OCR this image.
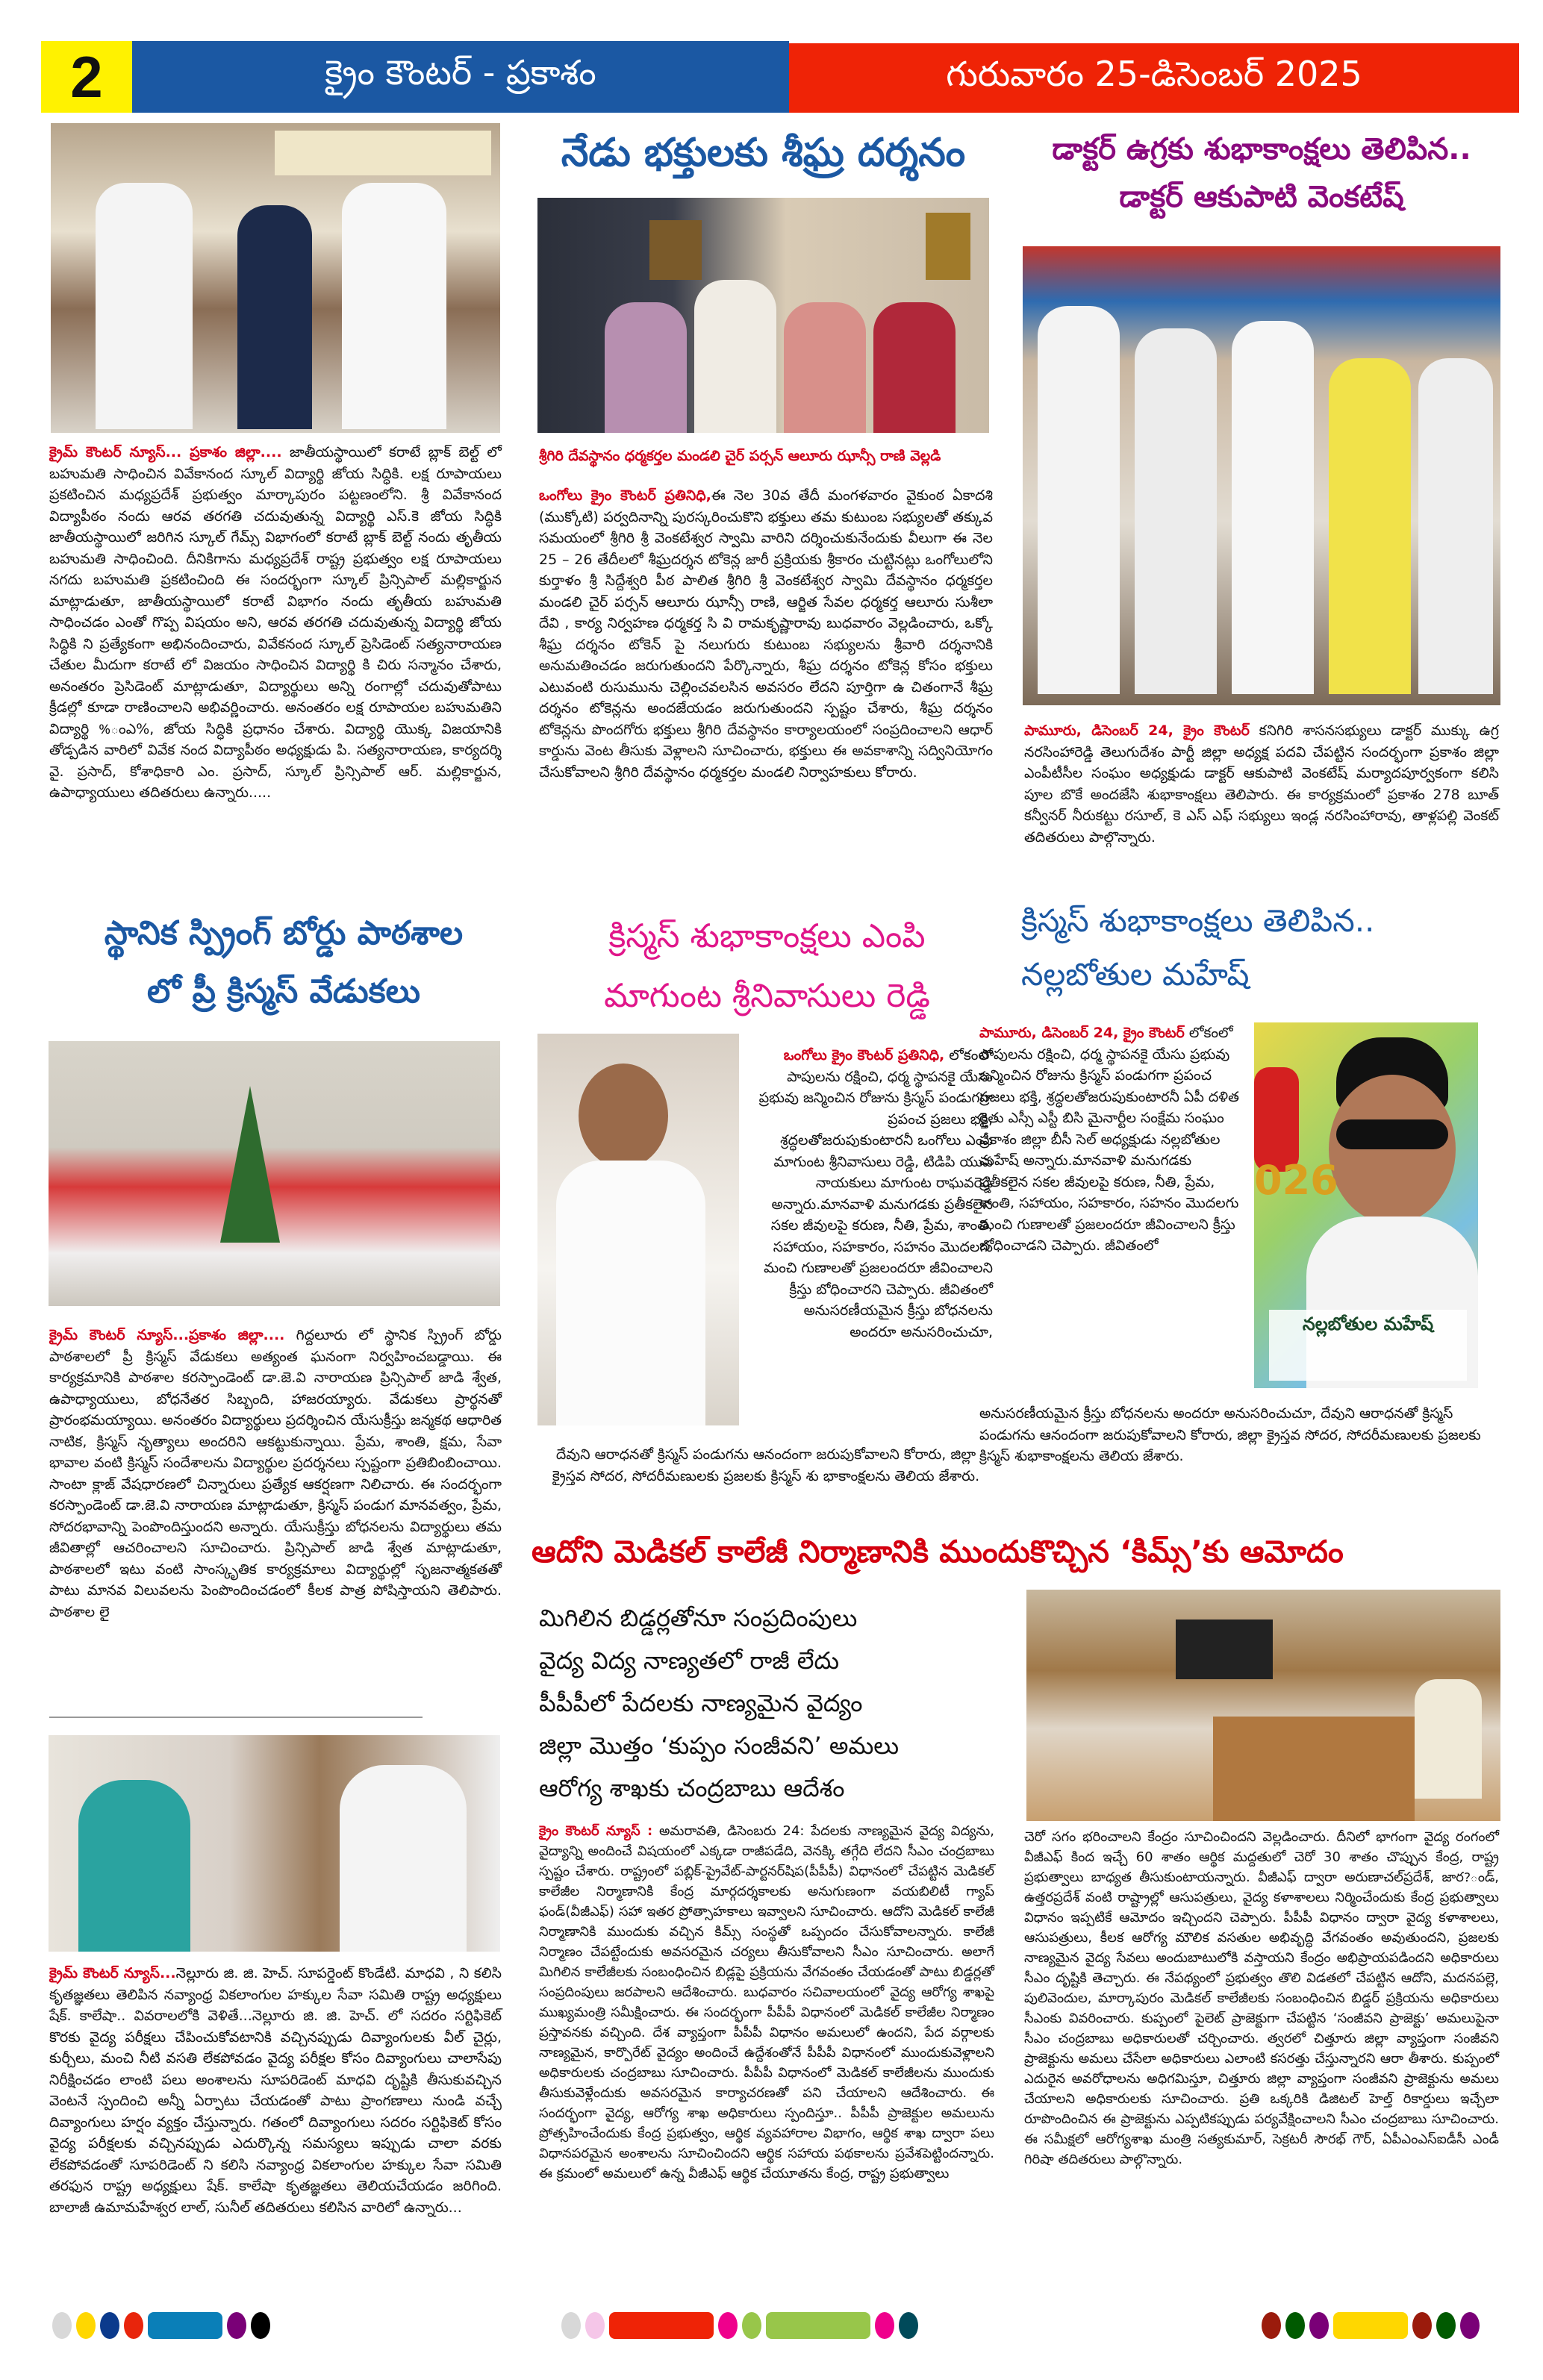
2	క్రైం కౌంటర్ - ప్రకాశం	గురువారం 25-డిసెంబర్ 2025
క్రైమ్ కౌంటర్ న్యూస్... ప్రకాశం జిల్లా.... జాతీయస్థాయిలో కరాటే బ్లాక్ బెల్ట్ లో బహుమతి సాధించిన వివేకానంద స్కూల్ విద్యార్థి జోయ సిద్ధికి. లక్ష రూపాయలు ప్రకటించిన మధ్యప్రదేశ్ ప్రభుత్వం మార్కాపురం పట్టణంలోని. శ్రీ వివేకానంద విద్యాపీఠం నందు ఆరవ తరగతి చదువుతున్న విద్యార్థి ఎస్.కె జోయ సిద్ధికి జాతీయస్థాయిలో జరిగిన స్కూల్ గేమ్స్ విభాగంలో కరాటే బ్లాక్ బెల్ట్ నందు తృతీయ బహుమతి సాధించింది. దీనికిగాను మధ్యప్రదేశ్ రాష్ట్ర ప్రభుత్వం లక్ష రూపాయలు నగదు బహుమతి ప్రకటించింది ఈ సందర్భంగా స్కూల్ ప్రిన్సిపాల్ మల్లికార్జున మాట్లాడుతూ, జాతీయస్థాయిలో కరాటే విభాగం నందు తృతీయ బహుమతి సాధించడం ఎంతో గొప్ప విషయం అని, ఆరవ తరగతి చదువుతున్న విద్యార్థి జోయ సిద్ధికి ని ప్రత్యేకంగా అభినందించారు, వివేకనంద స్కూల్ ప్రెసిడెంట్ సత్యనారాయణ చేతుల మీదుగా కరాటే లో విజయం సాధించిన విద్యార్థి కి చిరు సన్మానం చేశారు, అనంతరం ప్రెసిడెంట్ మాట్లాడుతూ, విద్యార్థులు అన్ని రంగాల్లో చదువుతోపాటు క్రీడల్లో కూడా రాణించాలని అభివర్ణించారు. అనంతరం లక్ష రూపాయల బహుమతిని విద్యార్థి %ంఎ%, జోయ సిద్ధికి ప్రధానం చేశారు. విద్యార్థి యొక్క విజయానికి తోడ్పడిన వారిలో వివేక నంద విద్యాపీఠం అధ్యక్షుడు పి. సత్యనారాయణ, కార్యదర్శి వై. ప్రసాద్, కోశాధికారి ఎం. ప్రసాద్, స్కూల్ ప్రిన్సిపాల్ ఆర్. మల్లికార్జున, ఉపాధ్యాయులు తదితరులు ఉన్నారు.....
నేడు భక్తులకు శీఘ్ర దర్శనం
శ్రీగిరి దేవస్థానం ధర్మకర్తల మండలి చైర్ పర్సన్ ఆలూరు ఝాన్సీ రాణి వెల్లడి
ఒంగోలు క్రైం కౌంటర్ ప్రతినిధి,ఈ నెల 30వ తేదీ మంగళవారం వైకుంఠ ఏకాదశి (ముక్కోటి) పర్వదినాన్ని పురస్కరించుకొని భక్తులు తమ కుటుంబ సభ్యులతో తక్కువ సమయంలో శ్రీగిరి శ్రీ వెంకటేశ్వర స్వామి వారిని దర్శించుకునేందుకు వీలుగా ఈ నెల 25 – 26 తేదీలలో శీఘ్రదర్శన టోకెన్ల జారీ ప్రక్రియకు శ్రీకారం చుట్టినట్లు ఒంగోలులోని కుర్తాళం శ్రీ సిద్దేశ్వరి పీఠ పాలిత శ్రీగిరి శ్రీ వెంకటేశ్వర స్వామి దేవస్థానం ధర్మకర్తల మండలి చైర్ పర్సన్ ఆలూరు ఝాన్సీ రాణి, ఆర్జిత సేవల ధర్మకర్త ఆలూరు సుశీలా దేవి , కార్య నిర్వహణ ధర్మకర్త సి వి రామకృష్ణారావు బుధవారం వెల్లడించారు, ఒక్కో శీఘ్ర దర్శనం టోకెన్ పై నలుగురు కుటుంబ సభ్యులను శ్రీవారి దర్శనానికి అనుమతించడం జరుగుతుందని పేర్కొన్నారు, శీఘ్ర దర్శనం టోకెన్ల కోసం భక్తులు ఎటువంటి రుసుమును చెల్లించవలసిన అవసరం లేదని పూర్తిగా ఉ చితంగానే శీఘ్ర దర్శనం టోకెన్లను అందజేయడం జరుగుతుందని స్పష్టం చేశారు, శీఘ్ర దర్శనం టోకెన్లను పొందగోరు భక్తులు శ్రీగిరి దేవస్థానం కార్యాలయంలో సంప్రదించాలని ఆధార్ కార్డును వెంట తీసుకు వెళ్లాలని సూచించారు, భక్తులు ఈ అవకాశాన్ని సద్వినియోగం చేసుకోవాలని శ్రీగిరి దేవస్థానం ధర్మకర్తల మండలి నిర్వాహకులు కోరారు.
డాక్టర్ ఉగ్రకు శుభాకాంక్షలు తెలిపిన..
డాక్టర్ ఆకుపాటి వెంకటేష్
పామూరు, డిసెంబర్ 24, క్రైం కౌంటర్ కనిగిరి శాసనసభ్యులు డాక్టర్ ముక్కు ఉగ్ర నరసింహారెడ్డి తెలుగుదేశం పార్టీ జిల్లా అధ్యక్ష పదవి చేపట్టిన సందర్భంగా ప్రకాశం జిల్లా ఎంపీటీసీల సంఘం అధ్యక్షుడు డాక్టర్ ఆకుపాటి వెంకటేష్ మర్యాదపూర్వకంగా కలిసి పూల బొకే అందజేసి శుభాకాంక్షలు తెలిపారు. ఈ కార్యక్రమంలో ప్రకాశం 278 బూత్ కన్వీనర్ నీరుకట్టు రసూల్, కె ఎస్ ఎఫ్ సభ్యులు ఇండ్ల నరసింహారావు, తాళ్లపల్లి వెంకట్ తదితరులు పాల్గొన్నారు.
స్థానిక స్ప్రింగ్ బోర్డు పాఠశాల
లో ప్రీ క్రిస్మస్ వేడుకలు
క్రిస్మస్ శుభాకాంక్షలు ఎంపి
మాగుంట శ్రీనివాసులు రెడ్డి
క్రిస్మస్ శుభాకాంక్షలు తెలిపిన..
నల్లబోతుల మహేష్
క్రైమ్ కౌంటర్ న్యూస్...ప్రకాశం జిల్లా.... గిద్దలూరు లో స్థానిక స్ప్రింగ్ బోర్డు పాఠశాలలో ప్రీ క్రిస్మస్ వేడుకలు అత్యంత ఘనంగా నిర్వహించబడ్డాయి. ఈ కార్యక్రమానికి పాఠశాల కరస్పాండెంట్ డా.జె.వి నారాయణ ప్రిన్సిపాల్ జాడి శ్వేత, ఉపాధ్యాయులు, బోధనేతర సిబ్బంది, హాజరయ్యారు. వేడుకలు ప్రార్థనతో ప్రారంభమయ్యాయి. అనంతరం విద్యార్థులు ప్రదర్శించిన యేసుక్రీస్తు జన్మకథ ఆధారిత నాటిక, క్రిస్మస్ నృత్యాలు అందరిని ఆకట్టుకున్నాయి. ప్రేమ, శాంతి, క్షమ, సేవా భావాల వంటి క్రిస్మస్ సందేశాలను విద్యార్థుల ప్రదర్శనలు స్పష్టంగా ప్రతిబింబించాయి. సాంటా క్లాజ్ వేషధారణలో చిన్నారులు ప్రత్యేక ఆకర్షణగా నిలిచారు. ఈ సందర్భంగా కరస్పాండెంట్ డా.జె.వి నారాయణ మాట్లాడుతూ, క్రిస్మస్ పండుగ మానవత్వం, ప్రేమ, సోదరభావాన్ని పెంపొందిస్తుందని అన్నారు. యేసుక్రీస్తు బోధనలను విద్యార్థులు తమ జీవితాల్లో ఆచరించాలని సూచించారు. ప్రిన్సిపాల్ జాడి శ్వేత మాట్లాడుతూ, పాఠశాలలో ఇటు వంటి సాంస్కృతిక కార్యక్రమాలు విద్యార్థుల్లో సృజనాత్మకతతో పాటు మానవ విలువలను పెంపొందించడంలో కీలక పాత్ర పోషిస్తాయని తెలిపారు. పాఠశాల లై
క్రైమ్ కౌంటర్ న్యూస్...నెల్లూరు జి. జి. హెచ్. సూపర్డెంట్ కొండేటి. మాధవి , ని కలిసి కృతజ్ఞతలు తెలిపిన నవ్యాంధ్ర వికలాంగుల హక్కుల సేవా సమితి రాష్ట్ర అధ్యక్షులు షేక్. కాలేషా.. వివరాలలోకి వెళితే...నెల్లూరు జి. జి. హెచ్. లో సదరం సర్టిఫికెట్ కొరకు వైద్య పరీక్షలు చేపించుకోవటానికి వచ్చినప్పుడు దివ్యాంగులకు వీల్ చైర్లు, కుర్చీలు, మంచి నీటి వసతి లేకపోవడం వైద్య పరీక్షల కోసం దివ్యాంగులు చాలాసేపు నిరీక్షించడం లాంటి పలు అంశాలను సూపరిడెంట్ మాధవి దృష్టికి తీసుకువచ్చిన వెంటనే స్పందించి అన్నీ ఏర్పాటు చేయడంతో పాటు ప్రాంగణాలు నుండి వచ్చే దివ్యాంగులు హర్షం వ్యక్తం చేస్తున్నారు. గతంలో దివ్యాంగులు సదరం సర్టిఫికెట్ కోసం వైద్య పరీక్షలకు వచ్చినప్పుడు ఎదుర్కొన్న సమస్యలు ఇప్పుడు చాలా వరకు లేకపోవడంతో సూపరిడెంట్ ని కలిసి నవ్యాంధ్ర వికలాంగుల హక్కుల సేవా సమితి తరఫున రాష్ట్ర అధ్యక్షులు షేక్. కాలేషా కృతజ్ఞతలు తెలియచేయడం జరిగింది. బాలాజీ ఉమామహేశ్వర లాల్, సునీల్ తదితరులు కలిసిన వారిలో ఉన్నారు...
ఒంగోలు క్రైం కౌంటర్ ప్రతినిధి, లోకంలో పాపులను రక్షించి, ధర్మ స్థాపనకై యేసు ప్రభువు జన్మించిన రోజును క్రిస్మస్ పండుగగా ప్రపంచ ప్రజలు భక్తి, శ్రద్ధలతోజరుపుకుంటారనీ ఒంగోలు ఎంపీ మాగుంట శ్రీనివాసులు రెడ్డి, టిడిపి యువ నాయకులు మాగుంట రాఘవరెడ్డి అన్నారు.మానవాళి మనుగడకు ప్రతీకలైన సకల జీవులపై కరుణ, నీతి, ప్రేమ, శాంతి, సహాయం, సహకారం, సహనం మొదలగు మంచి గుణాలతో ప్రజలందరూ జీవించాలని క్రీస్తు బోధించారని చెప్పారు. జీవితంలో అనుసరణీయమైన క్రీస్తు బోధనలను అందరూ అనుసరించుచూ,
దేవుని ఆరాధనతో క్రిస్మస్ పండుగను ఆనందంగా జరుపుకోవాలని కోరారు, జిల్లా క్రైస్తవ సోదర, సోదరీమణులకు ప్రజలకు క్రిస్మస్ శు భాకాంక్షలను తెలియ జేశారు.
పామూరు, డిసెంబర్ 24, క్రైం కౌంటర్ లోకంలో పాపులను రక్షించి, ధర్మ స్థాపనకై యేసు ప్రభువు జన్మించిన రోజును క్రిస్మస్ పండుగగా ప్రపంచ ప్రజలు భక్తి, శ్రద్ధలతోజరుపుకుంటారనీ ఏపీ దళిత రైతు ఎస్సీ ఎస్టీ బిసి మైనార్టీల సంక్షేమ సంఘం ప్రకాశం జిల్లా బీసీ సెల్ అధ్యక్షుడు నల్లబోతుల మహేష్ అన్నారు.మానవాళి మనుగడకు ప్రతీకలైన సకల జీవులపై కరుణ, నీతి, ప్రేమ, శాంతి, సహాయం, సహకారం, సహనం మొదలగు మంచి గుణాలతో ప్రజలందరూ జీవించాలని క్రీస్తు బోధించాడని చెప్పారు. జీవితంలో
026
నల్లబోతుల మహేష్
అనుసరణీయమైన క్రీస్తు బోధనలను అందరూ అనుసరించుచూ, దేవుని ఆరాధనతో క్రిస్మస్ పండుగను ఆనందంగా జరుపుకోవాలని కోరారు, జిల్లా క్రైస్తవ సోదర, సోదరీమణులకు ప్రజలకు క్రిస్మస్ శుభాకాంక్షలను తెలియ జేశారు.
ఆదోని మెడికల్ కాలేజీ నిర్మాణానికి ముందుకొచ్చిన ‘కిమ్స్’కు ఆమోదం
మిగిలిన బిడ్డర్లతోనూ సంప్రదింపులు
వైద్య విద్య నాణ్యతలో రాజీ లేదు
పీపీపీలో పేదలకు నాణ్యమైన వైద్యం
జిల్లా మొత్తం ‘కుప్పం సంజీవని’ అమలు
ఆరోగ్య శాఖకు చంద్రబాబు ఆదేశం
క్రైం కౌంటర్ న్యూస్ : అమరావతి, డిసెంబరు 24: పేదలకు నాణ్యమైన వైద్య విద్యను, వైద్యాన్ని అందించే విషయంలో ఎక్కడా రాజీపడేది, వెనక్కి తగ్గేది లేదని సీఎం చంద్రబాబు స్పష్టం చేశారు. రాష్ట్రంలో పబ్లిక్-ప్రైవేట్-పార్టనర్‌షిప(పీపీపీ) విధానంలో చేపట్టిన మెడికల్ కాలేజీల నిర్మాణానికి కేంద్ర మార్గదర్శకాలకు అనుగుణంగా వయబిలిటీ గ్యాప్ ఫండ్(వీజీఎఫ్) సహా ఇతర ప్రోత్సాహకాలు ఇవ్వాలని సూచించారు. ఆదోని మెడికల్ కాలేజీ నిర్మాణానికి ముందుకు వచ్చిన కిమ్స్ సంస్థతో ఒప్పందం చేసుకోవాలన్నారు. కాలేజీ నిర్మాణం చేపట్టేందుకు అవసరమైన చర్యలు తీసుకోవాలని సీఎం సూచించారు. అలాగే మిగిలిన కాలేజీలకు సంబంధించిన బిడ్లపై ప్రక్రియను వేగవంతం చేయడంతో పాటు బిడ్డర్లతో సంప్రదింపులు జరపాలని ఆదేశించారు. బుధవారం సచివాలయంలో వైద్య ఆరోగ్య శాఖపై ముఖ్యమంత్రి సమీక్షించారు. ఈ సందర్భంగా పీపీపీ విధానంలో మెడికల్ కాలేజీల నిర్మాణం ప్రస్తావనకు వచ్చింది. దేశ వ్యాప్తంగా పీపీపీ విధానం అమలులో ఉందని, పేద వర్గాలకు నాణ్యమైన, కార్పొరేట్ వైద్యం అందించే ఉద్దేశంతోనే పీపీపీ విధానంలో ముందుకువెళ్లాలని అధికారులకు చంద్రబాబు సూచించారు. పీపీపీ విధానంలో మెడికల్ కాలేజీలను ముందుకు తీసుకువెళ్లేందుకు అవసరమైన కార్యాచరణతో పని చేయాలని ఆదేశించారు. ఈ సందర్భంగా వైద్య, ఆరోగ్య శాఖ అధికారులు స్పందిస్తూ.. పీపీపీ ప్రాజెక్టుల అమలును ప్రోత్సహించేందుకు కేంద్ర ప్రభుత్వం, ఆర్థిక వ్యవహారాల విభాగం, ఆర్థిక శాఖ ద్వారా పలు విధానపరమైన అంశాలను సూచించిందని ఆర్థిక సహాయ పథకాలను ప్రవేశపెట్టిందన్నారు. ఈ క్రమంలో అమలులో ఉన్న వీజీఎఫ్ ఆర్థిక చేయూతను కేంద్ర, రాష్ట్ర ప్రభుత్వాలు
చెరో సగం భరించాలని కేంద్రం సూచించిందని వెల్లడించారు. దీనిలో భాగంగా వైద్య రంగంలో వీజీఎఫ్ కింద ఇచ్చే 60 శాతం ఆర్థిక మద్దతులో చెరో 30 శాతం చొప్పున కేంద్ర, రాష్ట్ర ప్రభుత్వాలు బాధ్యత తీసుకుంటాయన్నారు. వీజీఎఫ్ ద్వారా అరుణాచల్‌ప్రదేశ్, జార?ండ్, ఉత్తరప్రదేశ్ వంటి రాష్ట్రాల్లో ఆసుపత్రులు, వైద్య కళాశాలలు నిర్మించేందుకు కేంద్ర ప్రభుత్వాలు విధానం ఇప్పటికే ఆమోదం ఇచ్చిందని చెప్పారు. పీపీపీ విధానం ద్వారా వైద్య కళాశాలలు, ఆసుపత్రులు, కీలక ఆరోగ్య మౌలిక వసతుల అభివృద్ధి వేగవంతం అవుతుందని, ప్రజలకు నాణ్యమైన వైద్య సేవలు అందుబాటులోకి వస్తాయని కేంద్రం అభిప్రాయపడిందని అధికారులు సీఎం దృష్టికి తెచ్చారు. ఈ నేపథ్యంలో ప్రభుత్వం తొలి విడతలో చేపట్టిన ఆదోని, మదనపల్లె, పులివెందుల, మార్కాపురం మెడికల్ కాలేజీలకు సంబంధించిన బిడ్డర్ ప్రక్రియను అధికారులు సీఎంకు వివరించారు. కుప్పంలో పైలెట్ ప్రాజెక్టుగా చేపట్టిన ‘సంజీవని ప్రాజెక్టు’ అమలుపైనా సీఎం చంద్రబాబు అధికారులతో చర్చించారు. త్వరలో చిత్తూరు జిల్లా వ్యాప్తంగా సంజీవని ప్రాజెక్టును అమలు చేసేలా అధికారులు ఎలాంటి కసరత్తు చేస్తున్నారని ఆరా తీశారు. కుప్పంలో ఎదురైన అవరోధాలను అధిగమిస్తూ, చిత్తూరు జిల్లా వ్యాప్తంగా సంజీవని ప్రాజెక్టును అమలు చేయాలని అధికారులకు సూచించారు. ప్రతి ఒక్కరికి డిజిటల్ హెల్త్ రికార్డులు ఇచ్చేలా రూపొందించిన ఈ ప్రాజెక్టును ఎప్పటికప్పుడు పర్యవేక్షించాలని సీఎం చంద్రబాబు సూచించారు. ఈ సమీక్షలో ఆరోగ్యశాఖ మంత్రి సత్యకుమార్, సెక్రటరీ సౌరభ్ గౌర్, ఏపీఎంఎస్ఐడీసీ ఎండీ గిరిషా తదితరులు పాల్గొన్నారు.
